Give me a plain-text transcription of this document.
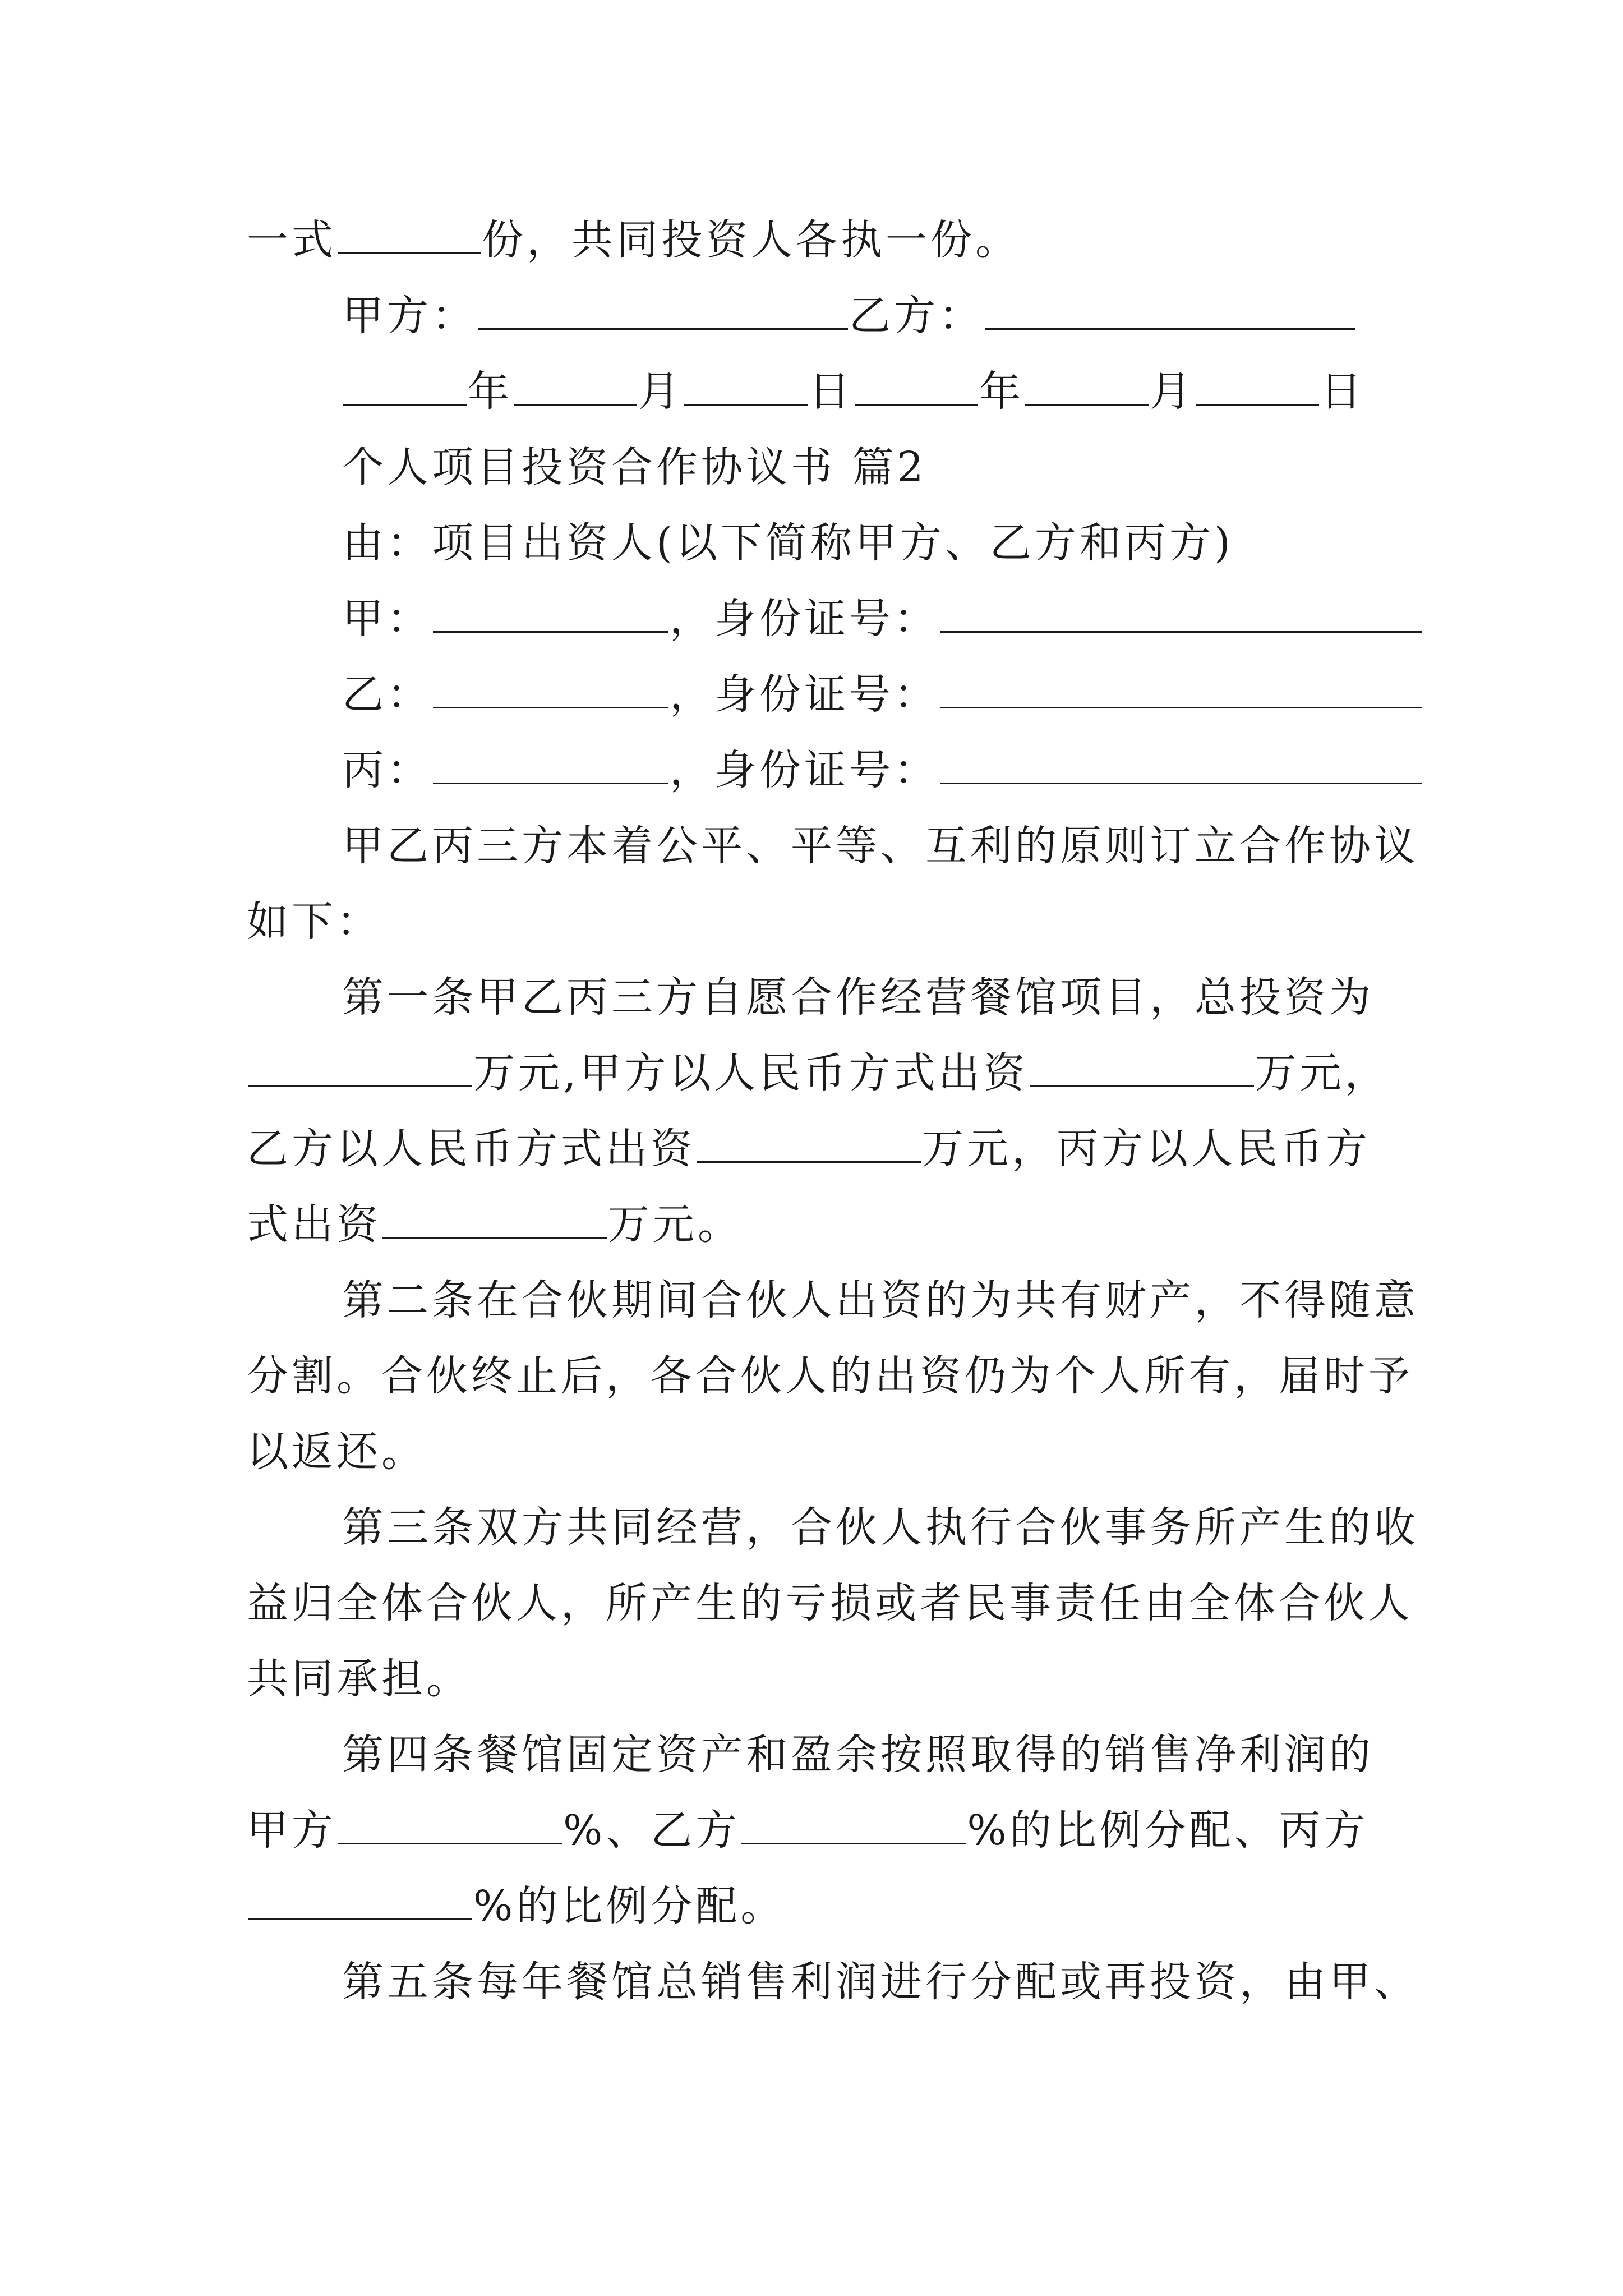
一式	份，共同投资人各执一份。
甲方：	乙方：
年	月	日	年	月	日
个人项目投资合作协议书 篇2
由：项目出资人(以下简称甲方、乙方和丙方)
甲：	，身份证号：
乙：	，身份证号：
丙：	，身份证号：
甲乙丙三方本着公平、平等、互利的原则订立合作协议
如下：
第一条甲乙丙三方自愿合作经营餐馆项目，总投资为
万元,甲方以人民币方式出资	万元，
乙方以人民币方式出资	万元，丙方以人民币方
式出资	万元。
第二条在合伙期间合伙人出资的为共有财产，不得随意
分割。合伙终止后，各合伙人的出资仍为个人所有，届时予
以返还。
第三条双方共同经营，合伙人执行合伙事务所产生的收
益归全体合伙人，所产生的亏损或者民事责任由全体合伙人
共同承担。
第四条餐馆固定资产和盈余按照取得的销售净利润的
甲方	%、乙方	%的比例分配、丙方
%的比例分配。
第五条每年餐馆总销售利润进行分配或再投资，由甲、
